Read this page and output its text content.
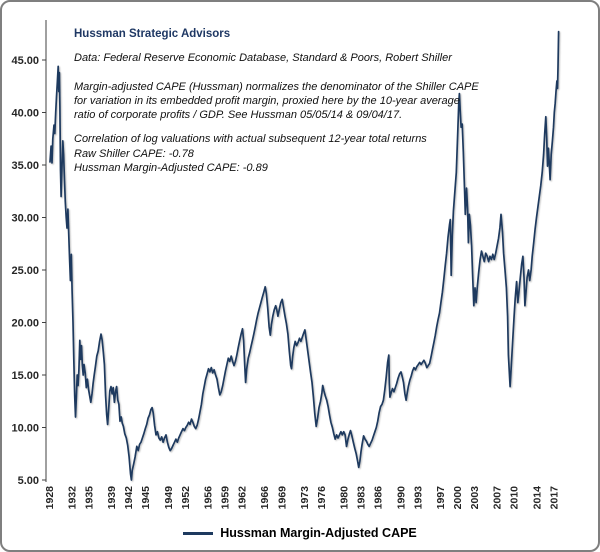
5.00
10.00
15.00
20.00
25.00
30.00
35.00
40.00
45.00
1928 1932 1935 1939 1942 1945 1949 1952 1956 1959 1962 1966 1969 1973 1976 1980 1983 1986 1990 1993 1997 2000 2003 2007 2010 2014 2017
Hussman Strategic Advisors
Data: Federal Reserve Economic Database, Standard & Poors, Robert Shiller
Margin-adjusted CAPE (Hussman) normalizes the denominator of the Shiller CAPE
for variation in its embedded profit margin, proxied here by the 10-year average
ratio of corporate profits / GDP. See Hussman 05/05/14 & 09/04/17.
Correlation of log valuations with actual subsequent 12-year total returns
Raw Shiller CAPE: -0.78
Hussman Margin-Adjusted CAPE: -0.89
Hussman Margin-Adjusted CAPE
